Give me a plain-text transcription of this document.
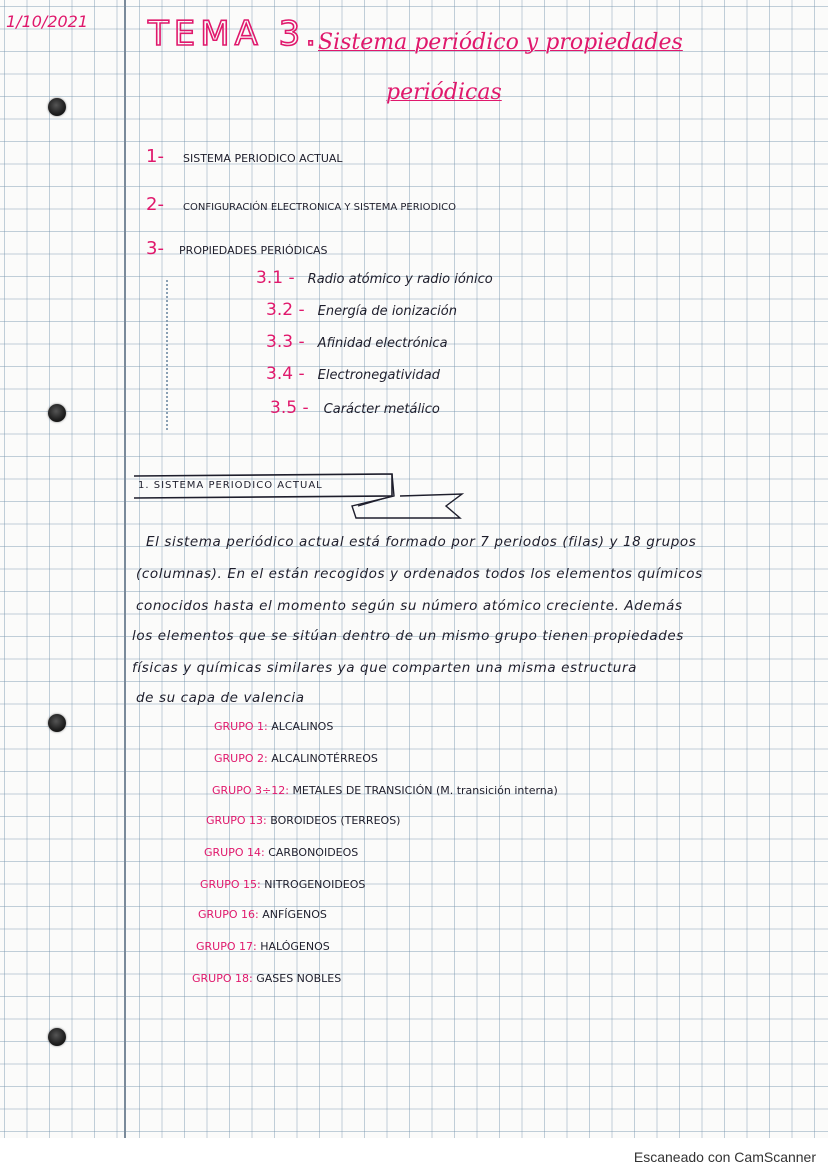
1/10/2021 TEMA 3.
Sistema periódico y propiedades
periódicas
1- SISTEMA PERIODICO ACTUAL
2- CONFIGURACIÓN ELECTRONICA Y SISTEMA PERIODICO
3- PROPIEDADES PERIÓDICAS
3.1 - Radio atómico y radio iónico
3.2 - Energía de ionización
3.3 - Afinidad electrónica
3.4 - Electronegatividad
3.5 - Carácter metálico
1. SISTEMA PERIODICO ACTUAL
El sistema periódico actual está formado por 7 periodos (filas) y 18 grupos
(columnas). En el están recogidos y ordenados todos los elementos químicos
conocidos hasta el momento según su número atómico creciente. Además
los elementos que se sitúan dentro de un mismo grupo tienen propiedades
físicas y químicas similares ya que comparten una misma estructura
de su capa de valencia
GRUPO 1: ALCALINOS
GRUPO 2: ALCALINOTÉRREOS
GRUPO 3÷12: METALES DE TRANSICIÓN (M. transición interna)
GRUPO 13: BOROIDEOS (TERREOS)
GRUPO 14: CARBONOIDEOS
GRUPO 15: NITROGENOIDEOS
GRUPO 16: ANFÍGENOS
GRUPO 17: HALÓGENOS
GRUPO 18: GASES NOBLES
Escaneado con CamScanner
